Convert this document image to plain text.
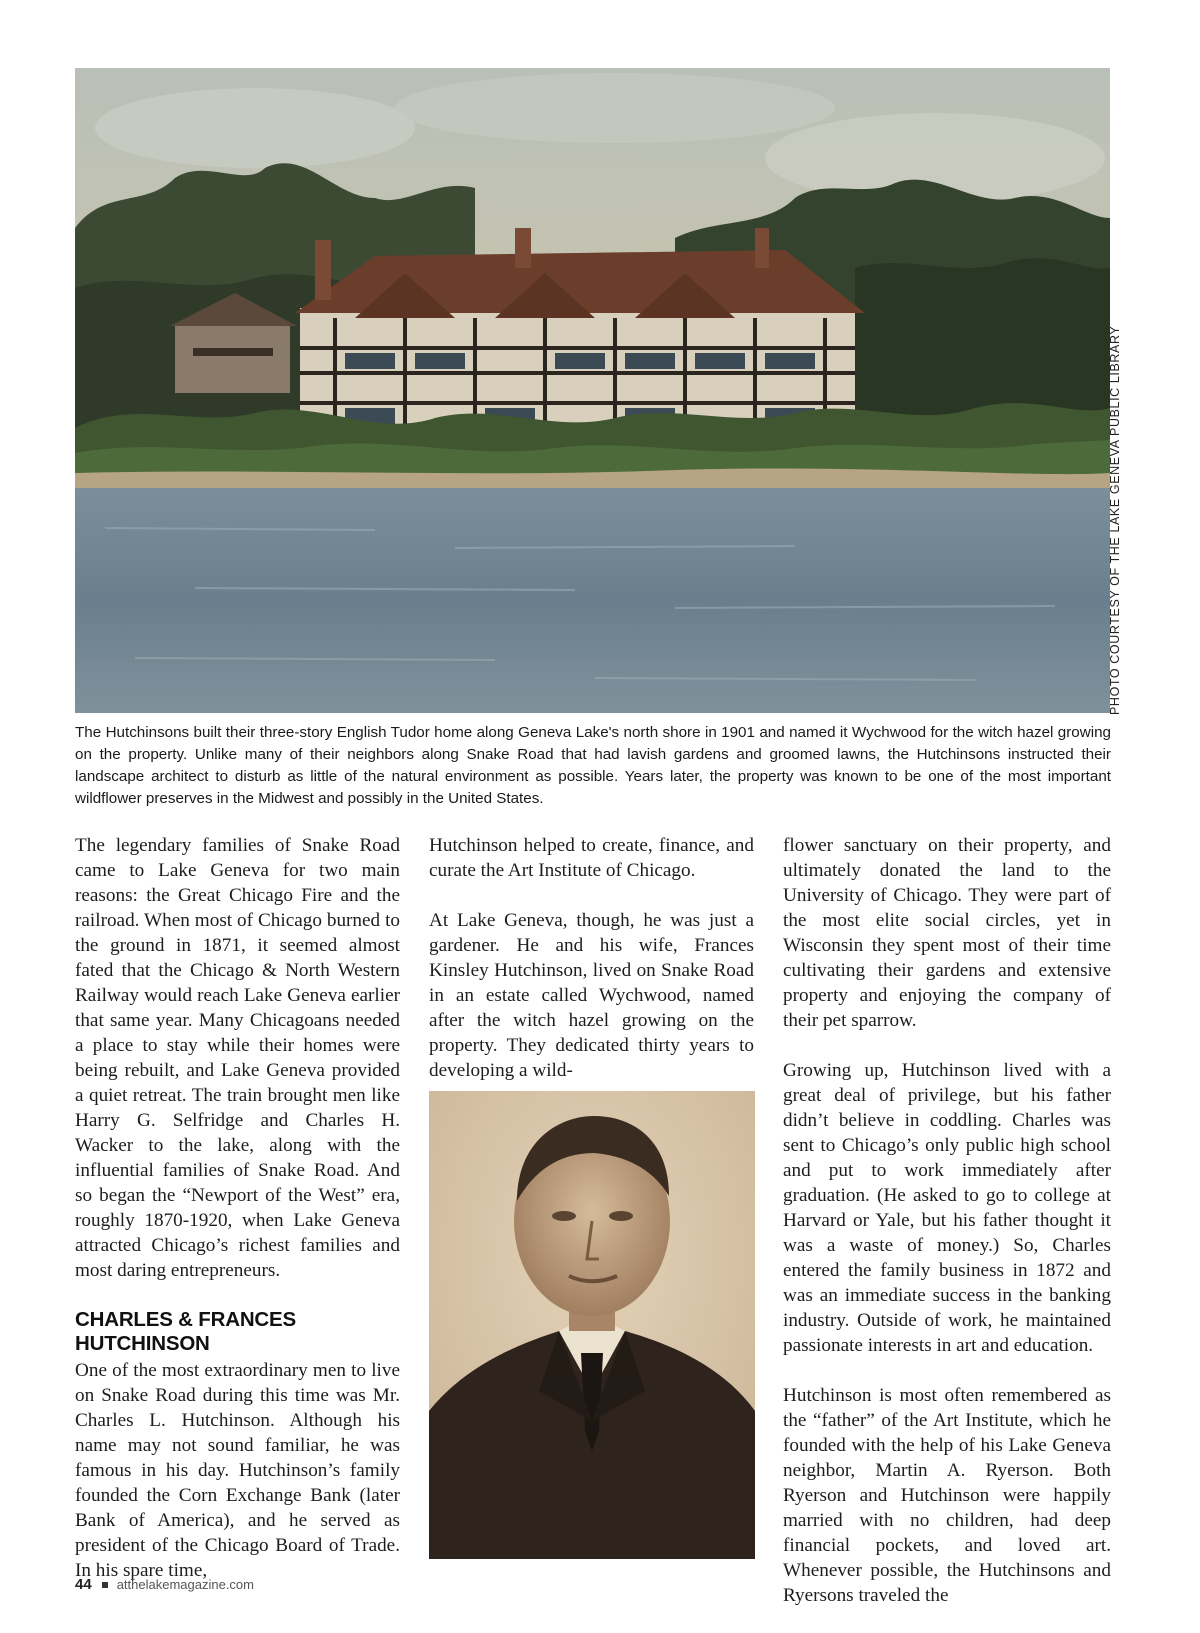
PHOTO COURTESY OF THE LAKE GENEVA PUBLIC LIBRARY
The Hutchinsons built their three-story English Tudor home along Geneva Lake's north shore in 1901 and named it Wychwood for the witch hazel growing on the property. Unlike many of their neighbors along Snake Road that had lavish gardens and groomed lawns, the Hutchinsons instructed their landscape architect to disturb as little of the natural environment as possible. Years later, the property was known to be one of the most important wildflower preserves in the Midwest and possibly in the United States.

The legendary families of Snake Road came to Lake Geneva for two main reasons: the Great Chicago Fire and the railroad. When most of Chicago burned to the ground in 1871, it seemed almost fated that the Chicago & North Western Railway would reach Lake Geneva earlier that same year. Many Chicagoans needed a place to stay while their homes were being rebuilt, and Lake Geneva provided a quiet retreat. The train brought men like Harry G. Selfridge and Charles H. Wacker to the lake, along with the influential families of Snake Road. And so began the “Newport of the West” era, roughly 1870-1920, when Lake Geneva attracted Chicago’s richest families and most daring entrepreneurs.

CHARLES & FRANCES
HUTCHINSON

One of the most extraordinary men to live on Snake Road during this time was Mr. Charles L. Hutchinson. Although his name may not sound familiar, he was famous in his day. Hutchinson’s family founded the Corn Exchange Bank (later Bank of America), and he served as president of the Chicago Board of Trade. In his spare time,

Hutchinson helped to create, finance, and curate the Art Institute of Chicago.

At Lake Geneva, though, he was just a gardener. He and his wife, Frances Kinsley Hutchinson, lived on Snake Road in an estate called Wychwood, named after the witch hazel growing on the property. They dedicated thirty years to developing a wild-

flower sanctuary on their property, and ultimately donated the land to the University of Chicago. They were part of the most elite social circles, yet in Wisconsin they spent most of their time cultivating their gardens and extensive property and enjoying the company of their pet sparrow.

Growing up, Hutchinson lived with a great deal of privilege, but his father didn’t believe in coddling. Charles was sent to Chicago’s only public high school and put to work immediately after graduation. (He asked to go to college at Harvard or Yale, but his father thought it was a waste of money.) So, Charles entered the family business in 1872 and was an immediate success in the banking industry. Outside of work, he maintained passionate interests in art and education.

Hutchinson is most often remembered as the “father” of the Art Institute, which he founded with the help of his Lake Geneva neighbor, Martin A. Ryerson. Both Ryerson and Hutchinson were happily married with no children, had deep financial pockets, and loved art. Whenever possible, the Hutchinsons and Ryersons traveled the

44 atthelakemagazine.com
